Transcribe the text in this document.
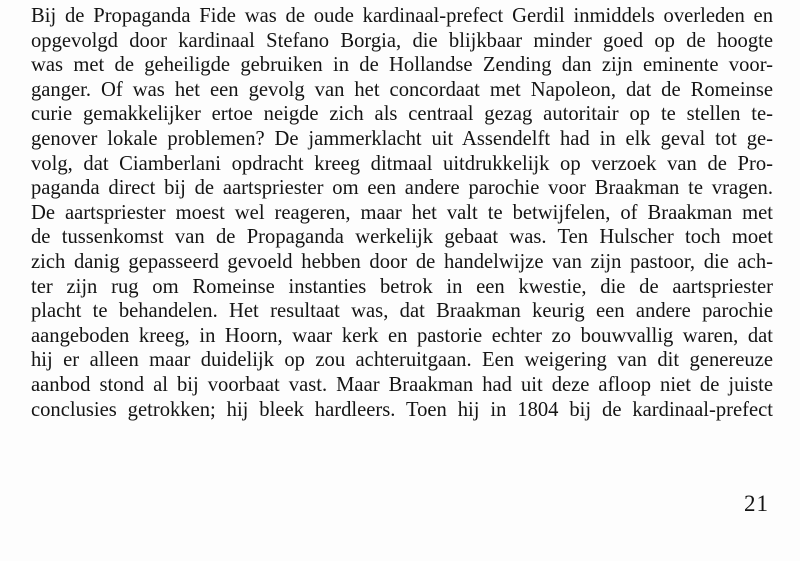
Bij de Propaganda Fide was de oude kardinaal-prefect Gerdil inmiddels overleden en
opgevolgd door kardinaal Stefano Borgia, die blijkbaar minder goed op de hoogte
was met de geheiligde gebruiken in de Hollandse Zending dan zijn eminente voor-
ganger. Of was het een gevolg van het concordaat met Napoleon, dat de Romeinse
curie gemakkelijker ertoe neigde zich als centraal gezag autoritair op te stellen te-
genover lokale problemen? De jammerklacht uit Assendelft had in elk geval tot ge-
volg, dat Ciamberlani opdracht kreeg ditmaal uitdrukkelijk op verzoek van de Pro-
paganda direct bij de aartspriester om een andere parochie voor Braakman te vragen.
De aartspriester moest wel reageren, maar het valt te betwijfelen, of Braakman met
de tussenkomst van de Propaganda werkelijk gebaat was. Ten Hulscher toch moet
zich danig gepasseerd gevoeld hebben door de handelwijze van zijn pastoor, die ach-
ter zijn rug om Romeinse instanties betrok in een kwestie, die de aartspriester
placht te behandelen. Het resultaat was, dat Braakman keurig een andere parochie
aangeboden kreeg, in Hoorn, waar kerk en pastorie echter zo bouwvallig waren, dat
hij er alleen maar duidelijk op zou achteruitgaan. Een weigering van dit genereuze
aanbod stond al bij voorbaat vast. Maar Braakman had uit deze afloop niet de juiste
conclusies getrokken; hij bleek hardleers. Toen hij in 1804 bij de kardinaal-prefect
21
